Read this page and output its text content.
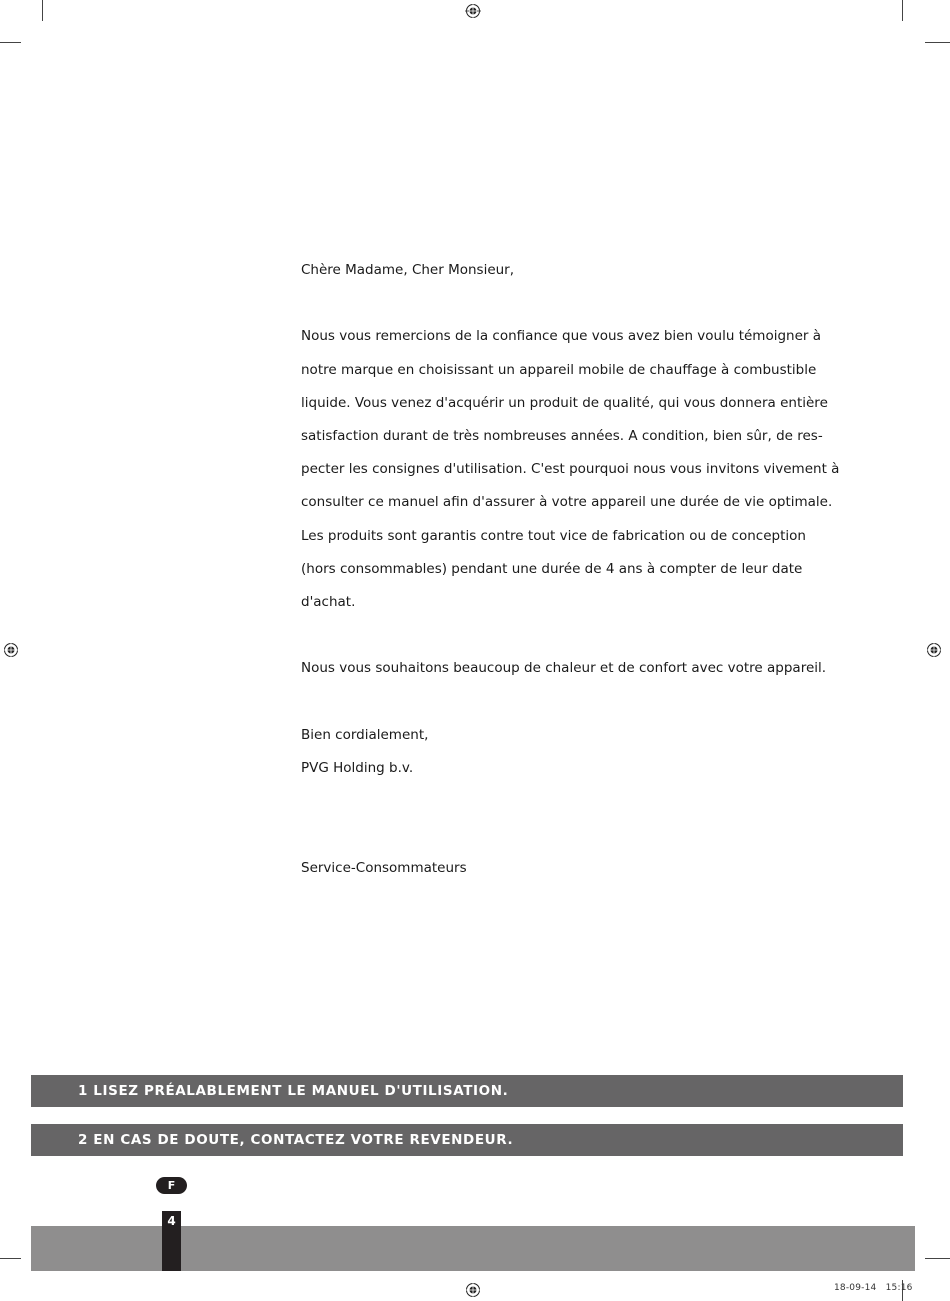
Chère Madame, Cher Monsieur,

Nous vous remercions de la confiance que vous avez bien voulu témoigner à

notre marque en choisissant un appareil mobile de chauffage à combustible

liquide. Vous venez d'acquérir un produit de qualité, qui vous donnera entière

satisfaction durant de très nombreuses années. A condition, bien sûr, de res-

pecter les consignes d'utilisation. C'est pourquoi nous vous invitons vivement à

consulter ce manuel afin d'assurer à votre appareil une durée de vie optimale.

Les produits sont garantis contre tout vice de fabrication ou de conception

(hors consommables) pendant une durée de 4 ans à compter de leur date

d'achat.

Nous vous souhaitons beaucoup de chaleur et de confort avec votre appareil.

Bien cordialement,

PVG Holding b.v.

Service-Consommateurs

1 LISEZ PRÉALABLEMENT LE MANUEL D'UTILISATION.
2 EN CAS DE DOUTE, CONTACTEZ VOTRE REVENDEUR.
F
4
18-09-14   15:16
